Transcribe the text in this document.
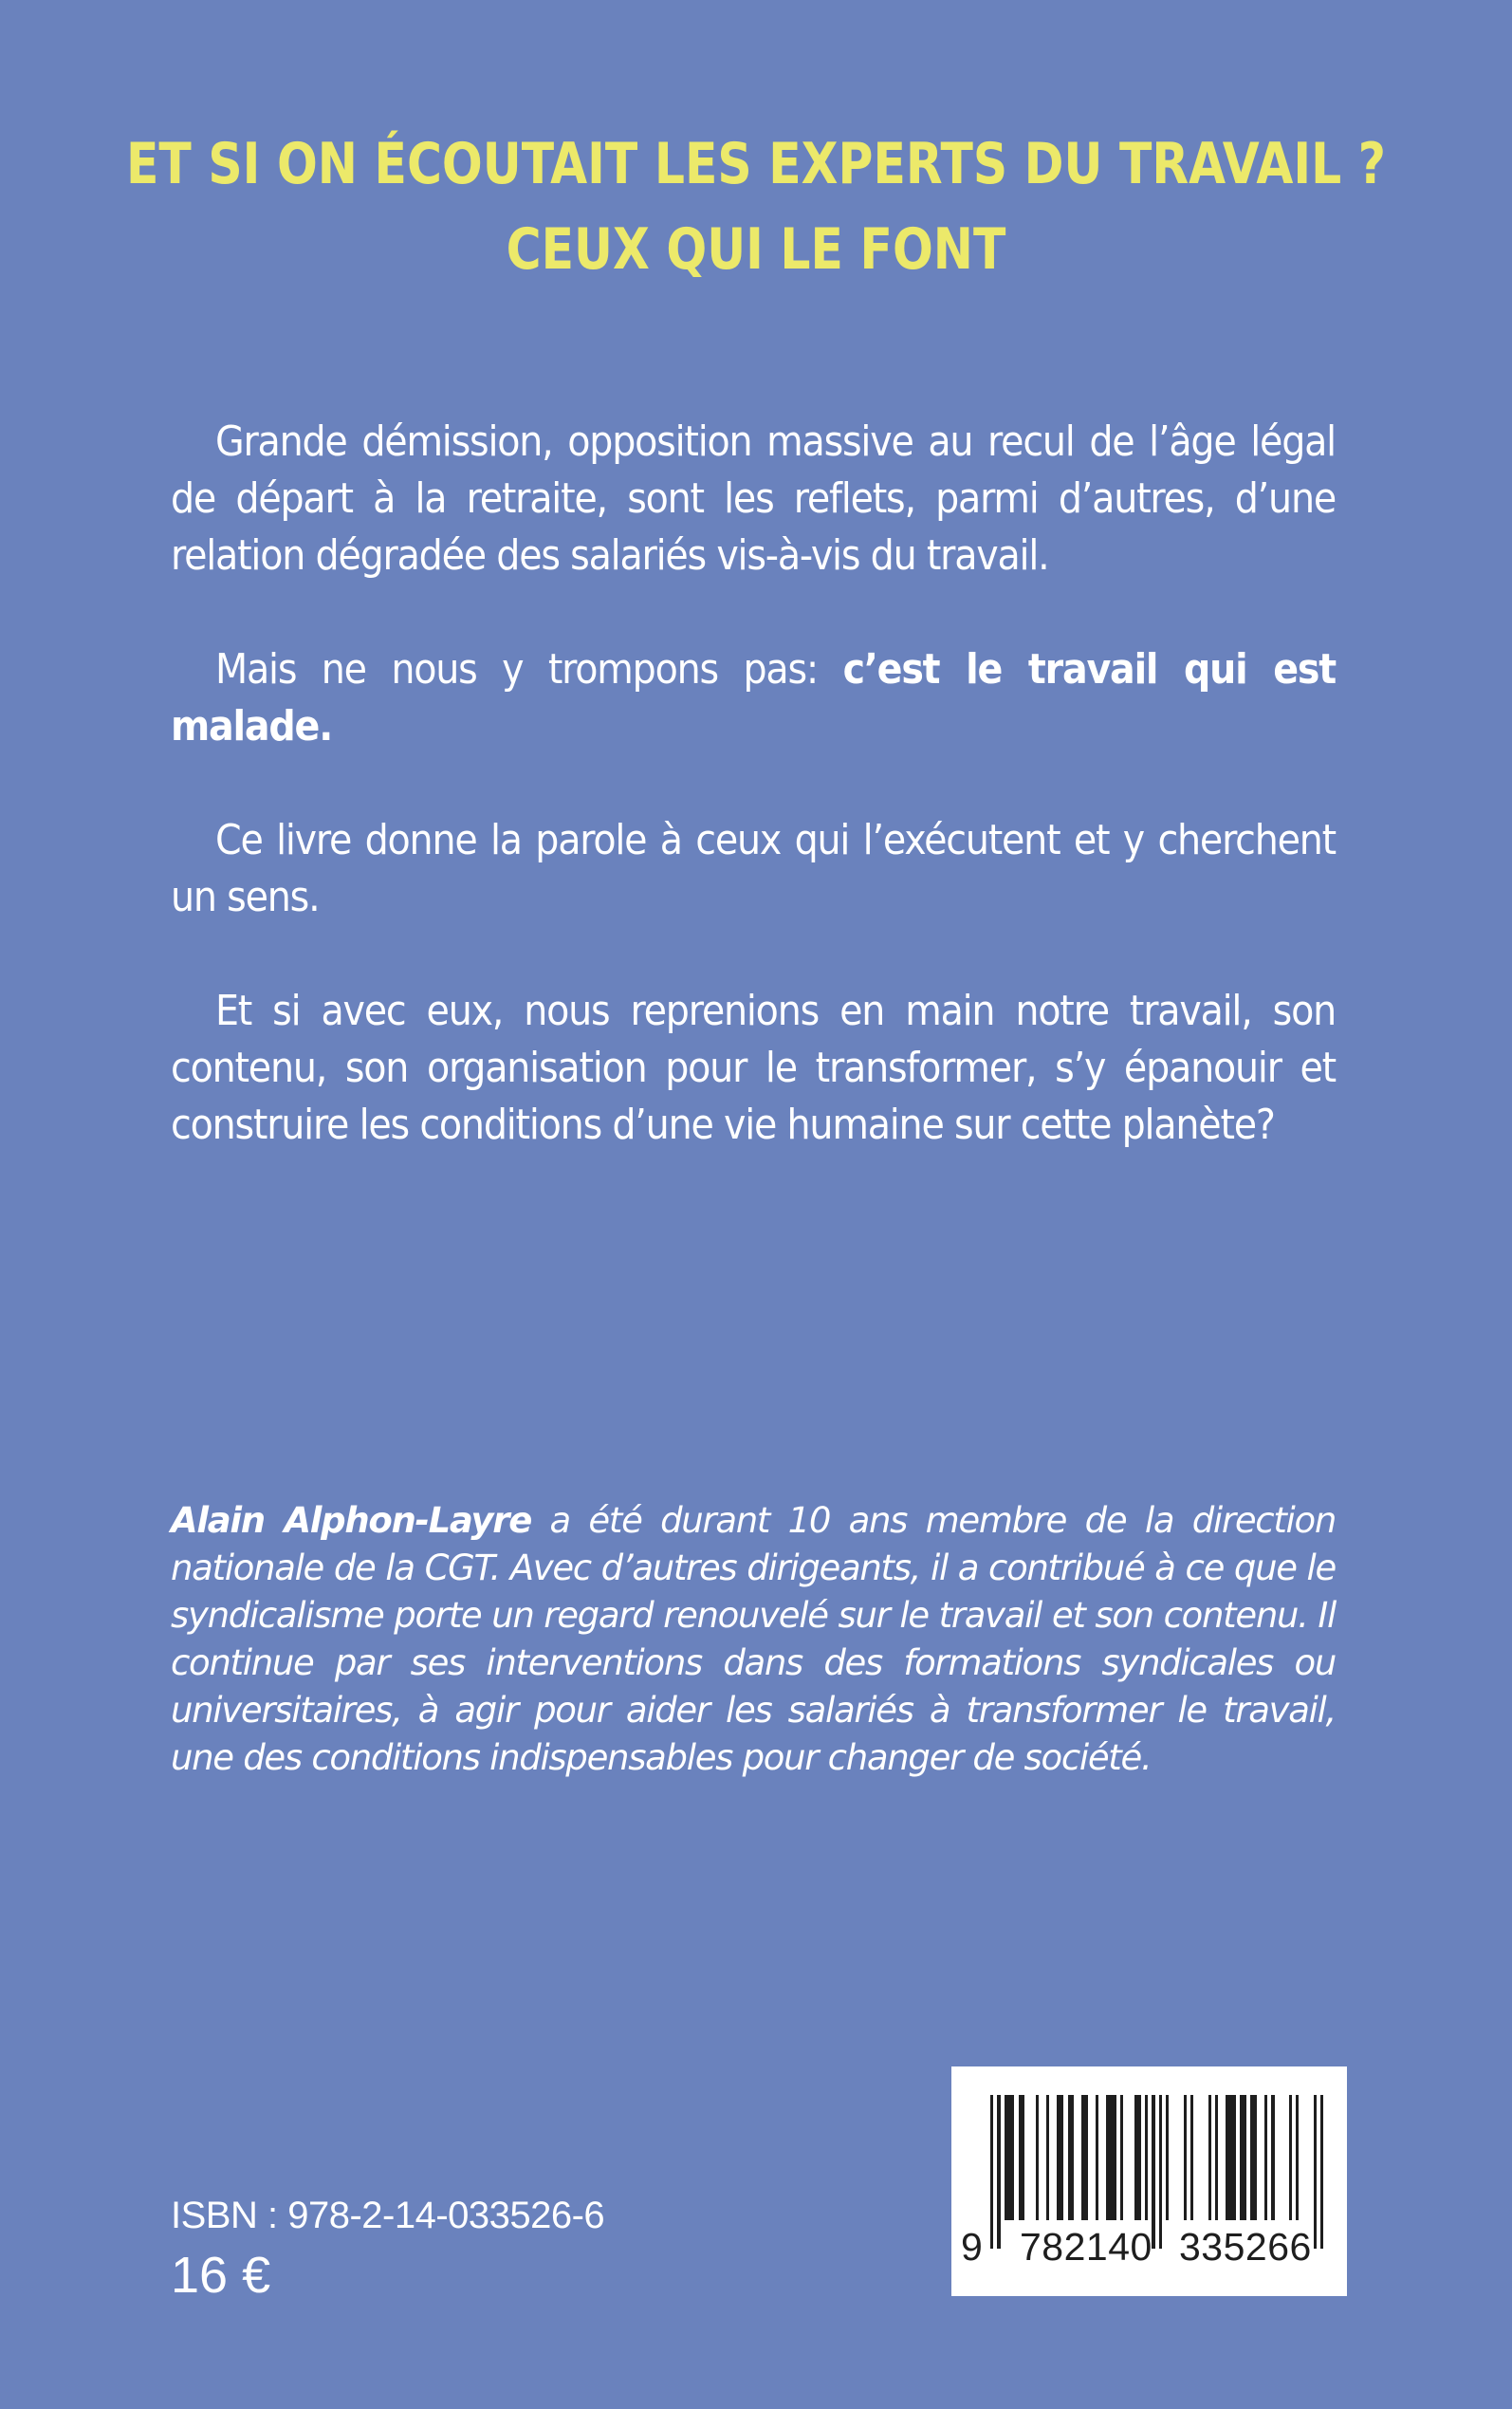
ET SI ON ÉCOUTAIT LES EXPERTS DU TRAVAIL ?
CEUX QUI LE FONT

Grande démission, opposition massive au recul de l’âge légal de départ à la retraite, sont les reflets, parmi d’autres, d’une relation dégradée des salariés vis-à-vis du travail.

Mais ne nous y trompons pas: c’est le travail qui est malade.

Ce livre donne la parole à ceux qui l’exécutent et y cherchent un sens.

Et si avec eux, nous reprenions en main notre travail, son contenu, son organisation pour le transformer, s’y épanouir et construire les conditions d’une vie humaine sur cette planète?

Alain Alphon-Layre a été durant 10 ans membre de la direction nationale de la CGT. Avec d’autres dirigeants, il a contribué à ce que le syndicalisme porte un regard renouvelé sur le travail et son contenu. Il continue par ses interventions dans des formations syndicales ou universitaires, à agir pour aider les salariés à transformer le travail, une des conditions indispensables pour changer de société.

ISBN : 978-2-14-033526-6
16 €	9 782140 335266
